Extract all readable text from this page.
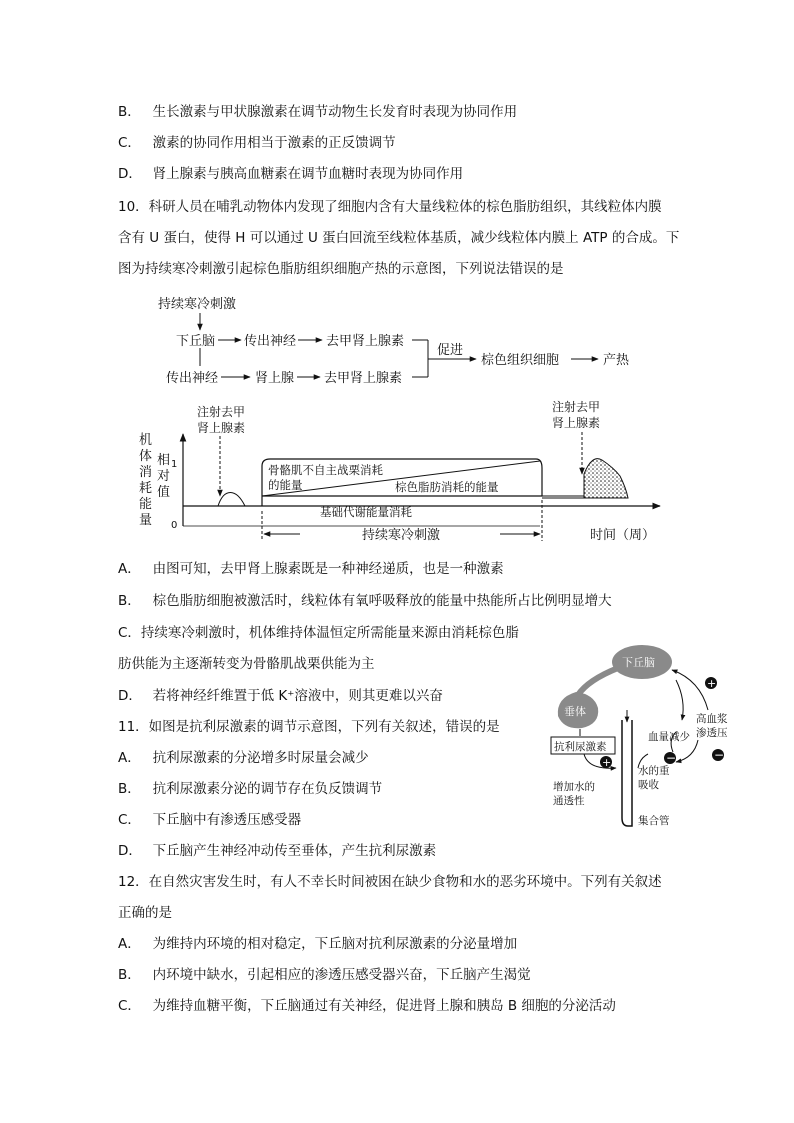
B． 生长激素与甲状腺激素在调节动物生长发育时表现为协同作用
C． 激素的协同作用相当于激素的正反馈调节
D． 肾上腺素与胰高血糖素在调节血糖时表现为协同作用
10．科研人员在哺乳动物体内发现了细胞内含有大量线粒体的棕色脂肪组织，其线粒体内膜
含有 U 蛋白，使得 H 可以通过 U 蛋白回流至线粒体基质，减少线粒体内膜上 ATP 的合成。下
图为持续寒冷刺激引起棕色脂肪组织细胞产热的示意图，下列说法错误的是
持续寒冷刺激
下丘脑 传出神经 去甲肾上腺素
传出神经	肾上腺 去甲肾上腺素
促进
棕色组织细胞	产热
机体消耗能量
相对值
1
0
基础代谢能量消耗
骨骼肌不自主战栗消耗
的能量	棕色脂肪消耗的能量
注射去甲
肾上腺素
注射去甲
肾上腺素
持续寒冷刺激	时间（周）
A． 由图可知，去甲肾上腺素既是一种神经递质，也是一种激素
B． 棕色脂肪细胞被激活时，线粒体有氧呼吸释放的能量中热能所占比例明显增大
C．持续寒冷刺激时，机体维持体温恒定所需能量来源由消耗棕色脂
肪供能为主逐渐转变为骨骼肌战栗供能为主
D． 若将神经纤维置于低 K⁺溶液中，则其更难以兴奋
11．如图是抗利尿激素的调节示意图，下列有关叙述，错误的是
A． 抗利尿激素的分泌增多时尿量会减少
B． 抗利尿激素分泌的调节存在负反馈调节
C． 下丘脑中有渗透压感受器
D． 下丘脑产生神经冲动传至垂体，产生抗利尿激素
下丘脑
垂体
抗利尿激素
集合管
+
增加水的
通透性
血量减少
水的重
吸收
高血浆
渗透压
+
−
−
12．在自然灾害发生时，有人不幸长时间被困在缺少食物和水的恶劣环境中。下列有关叙述
正确的是
A． 为维持内环境的相对稳定，下丘脑对抗利尿激素的分泌量增加
B． 内环境中缺水，引起相应的渗透压感受器兴奋，下丘脑产生渴觉
C． 为维持血糖平衡，下丘脑通过有关神经，促进肾上腺和胰岛 B 细胞的分泌活动
